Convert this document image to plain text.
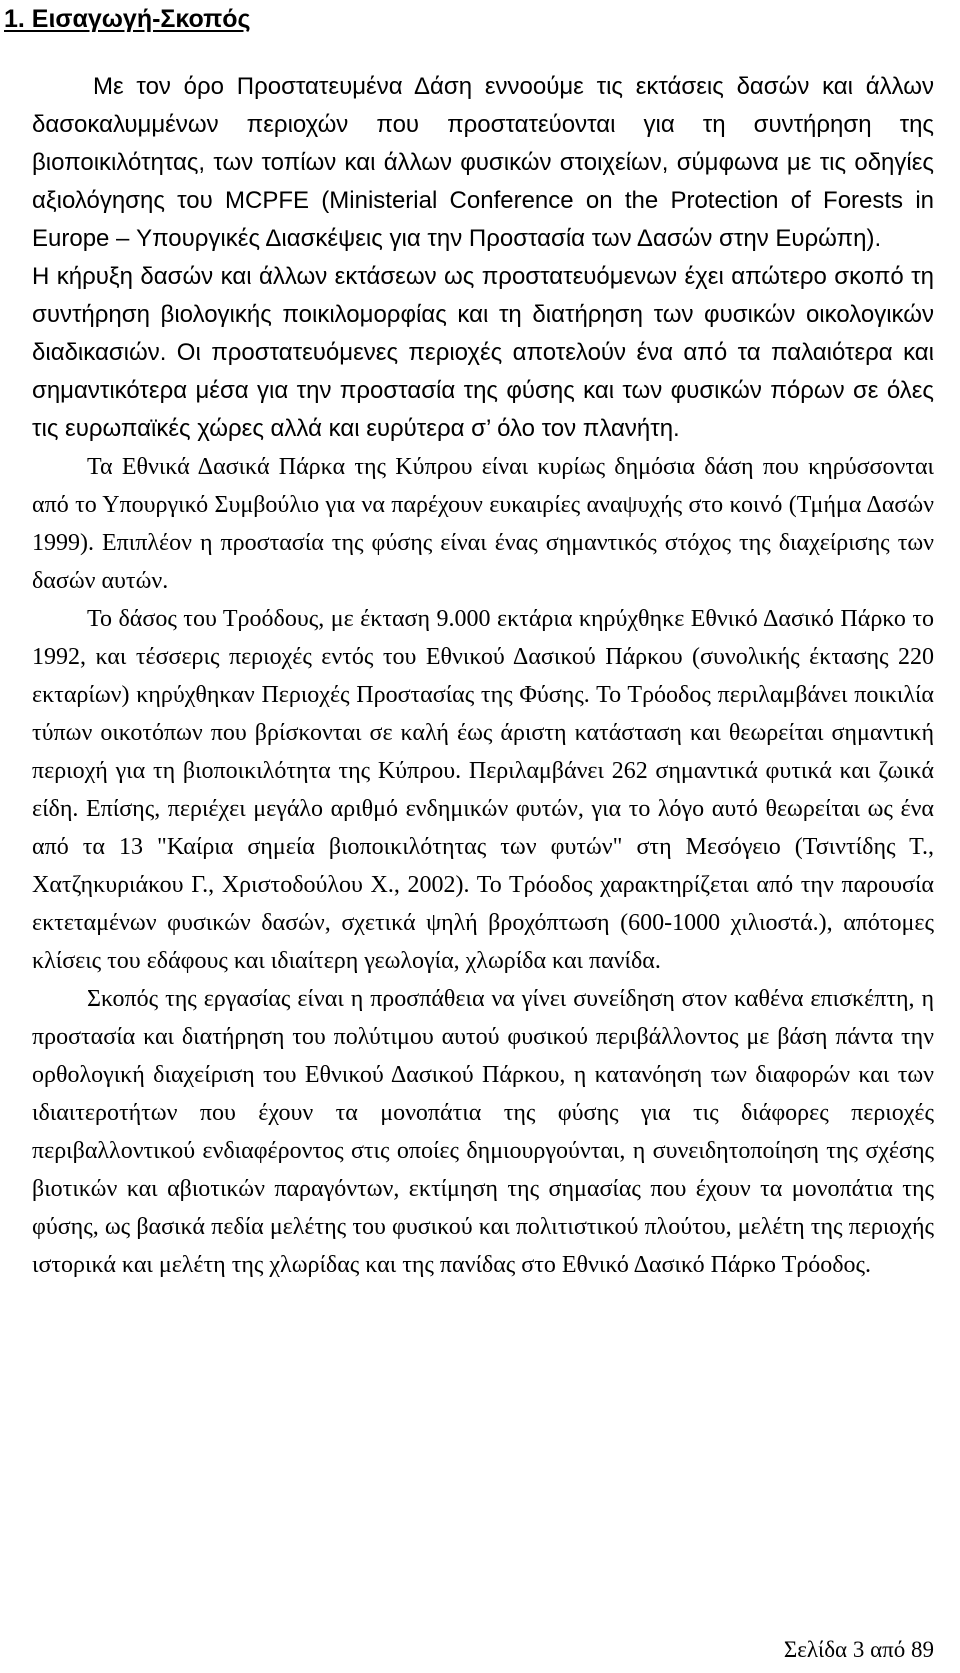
1. Εισαγωγή-Σκοπός

Με τον όρο Προστατευμένα Δάση εννοούμε τις εκτάσεις δασών και άλλων δασοκαλυμμένων περιοχών που προστατεύονται για τη συντήρηση της βιοποικιλότητας, των τοπίων και άλλων φυσικών στοιχείων, σύμφωνα με τις οδηγίες αξιολόγησης του MCPFE (Ministerial Conference on the Protection of Forests in Europe – Υπουργικές Διασκέψεις για την Προστασία των Δασών στην Ευρώπη).

Η κήρυξη δασών και άλλων εκτάσεων ως προστατευόμενων έχει απώτερο σκοπό τη συντήρηση βιολογικής ποικιλομορφίας και τη διατήρηση των φυσικών οικολογικών διαδικασιών. Οι προστατευόμενες περιοχές αποτελούν ένα από τα παλαιότερα και σημαντικότερα μέσα για την προστασία της φύσης και των φυσικών πόρων σε όλες τις ευρωπαϊκές χώρες αλλά και ευρύτερα σ’ όλο τον πλανήτη.

Τα Εθνικά Δασικά Πάρκα της Κύπρου είναι κυρίως δημόσια δάση που κηρύσσονται από το Υπουργικό Συμβούλιο για να παρέχουν ευκαιρίες αναψυχής στο κοινό (Τμήμα Δασών 1999). Επιπλέον η προστασία της φύσης είναι ένας σημαντικός στόχος της διαχείρισης των δασών αυτών.

Το δάσος του Τροόδους, με έκταση 9.000 εκτάρια κηρύχθηκε Εθνικό Δασικό Πάρκο το 1992, και τέσσερις περιοχές εντός του Εθνικού Δασικού Πάρκου (συνολικής έκτασης 220 εκταρίων) κηρύχθηκαν Περιοχές Προστασίας της Φύσης. Το Τρόοδος περιλαμβάνει ποικιλία τύπων οικοτόπων που βρίσκονται σε καλή έως άριστη κατάσταση και θεωρείται σημαντική περιοχή για τη βιοποικιλότητα της Κύπρου. Περιλαμβάνει 262 σημαντικά φυτικά και ζωικά είδη. Επίσης, περιέχει μεγάλο αριθμό ενδημικών φυτών, για το λόγο αυτό θεωρείται ως ένα από τα 13 "Καίρια σημεία βιοποικιλότητας των φυτών" στη Μεσόγειο (Τσιντίδης Τ., Χατζηκυριάκου Γ., Χριστοδούλου Χ., 2002). Το Τρόοδος χαρακτηρίζεται από την παρουσία εκτεταμένων φυσικών δασών, σχετικά ψηλή βροχόπτωση (600-1000 χιλιοστά.), απότομες κλίσεις του εδάφους και ιδιαίτερη γεωλογία, χλωρίδα και πανίδα.

Σκοπός της εργασίας είναι η προσπάθεια να γίνει συνείδηση στον καθένα επισκέπτη, η προστασία και διατήρηση του πολύτιμου αυτού φυσικού περιβάλλοντος με βάση πάντα την ορθολογική διαχείριση του Εθνικού Δασικού Πάρκου, η κατανόηση των διαφορών και των ιδιαιτεροτήτων που έχουν τα μονοπάτια της φύσης για τις διάφορες περιοχές περιβαλλοντικού ενδιαφέροντος στις οποίες δημιουργούνται, η συνειδητοποίηση της σχέσης βιοτικών και αβιοτικών παραγόντων, εκτίμηση της σημασίας που έχουν τα μονοπάτια της φύσης, ως βασικά πεδία μελέτης του φυσικού και πολιτιστικού πλούτου, μελέτη της περιοχής ιστορικά και μελέτη της χλωρίδας και της πανίδας στο Εθνικό Δασικό Πάρκο Τρόοδος.

Σελίδα 3 από 89
